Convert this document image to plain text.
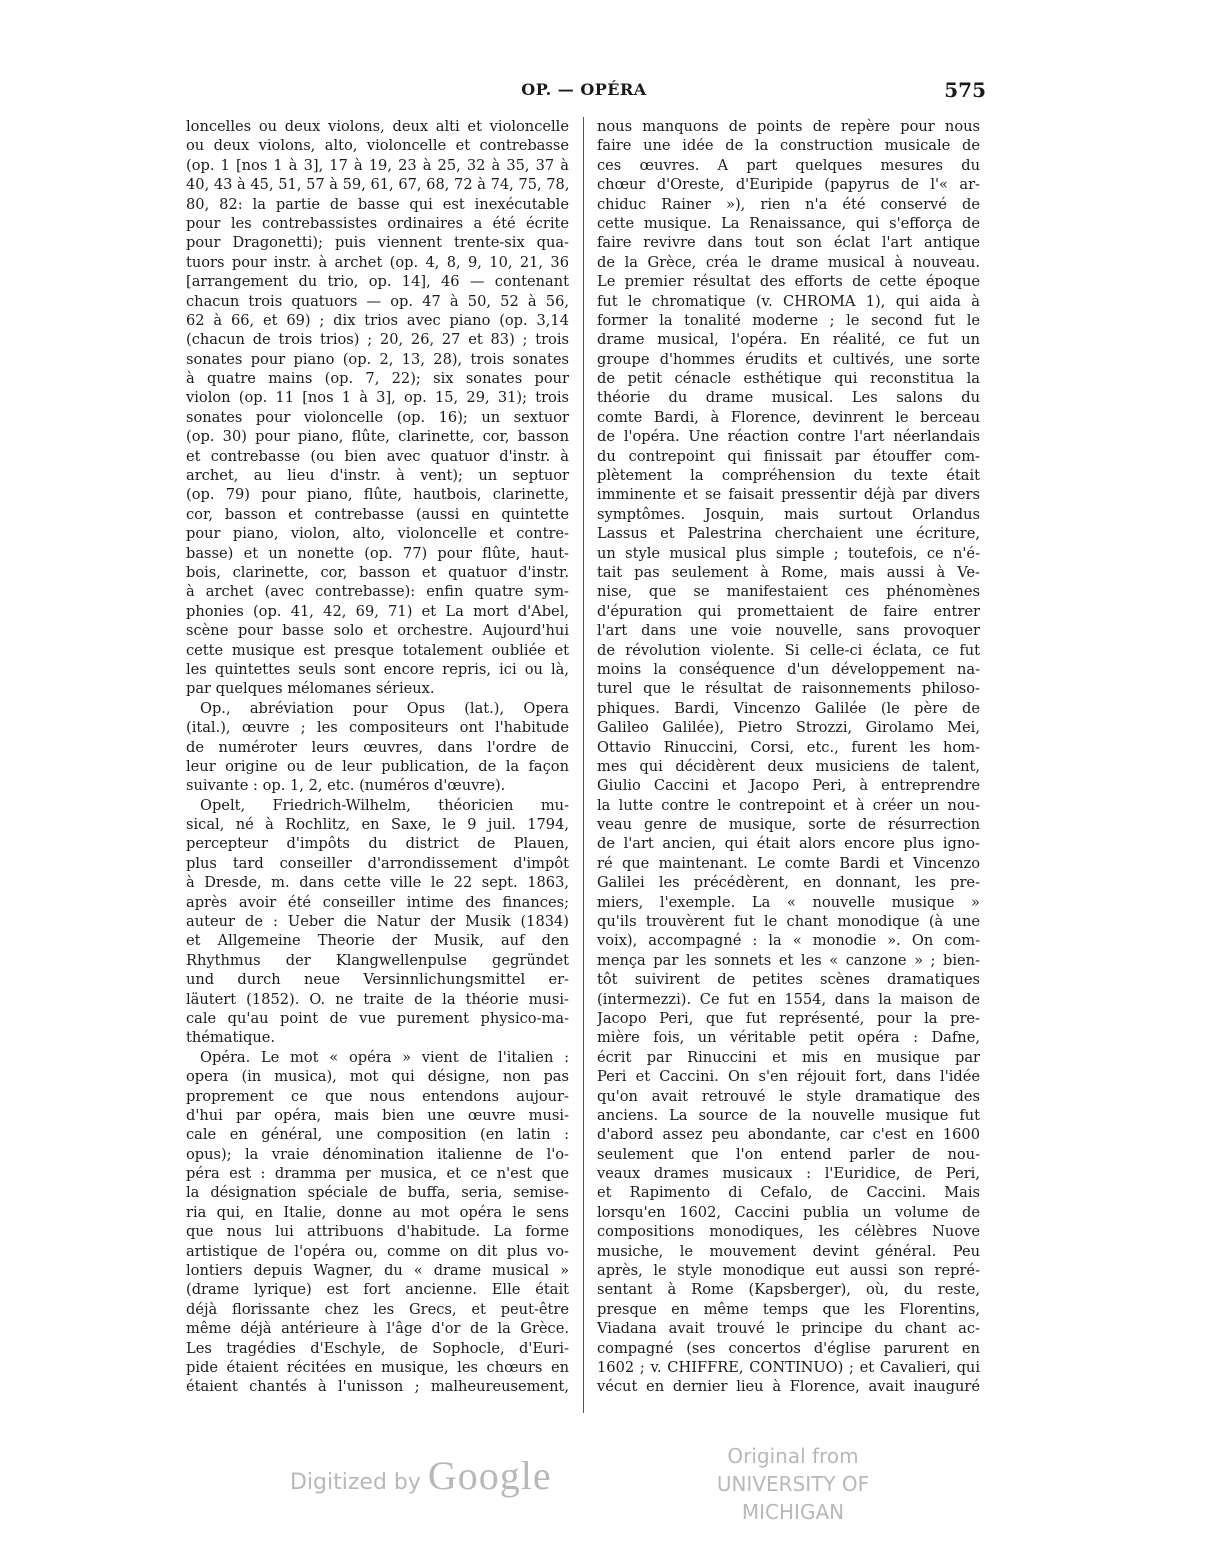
OP. — OPÉRA	575
loncelles ou deux violons, deux alti et violoncelle
ou deux violons, alto, violoncelle et contrebasse
(op. 1 [nos 1 à 3], 17 à 19, 23 à 25, 32 à 35, 37 à
40, 43 à 45, 51, 57 à 59, 61, 67, 68, 72 à 74, 75, 78,
80, 82: la partie de basse qui est inexécutable
pour les contrebassistes ordinaires a été écrite
pour Dragonetti); puis viennent trente-six qua-
tuors pour instr. à archet (op. 4, 8, 9, 10, 21, 36
[arrangement du trio, op. 14], 46 — contenant
chacun trois quatuors — op. 47 à 50, 52 à 56,
62 à 66, et 69) ; dix trios avec piano (op. 3,14
(chacun de trois trios) ; 20, 26, 27 et 83) ; trois
sonates pour piano (op. 2, 13, 28), trois sonates
à quatre mains (op. 7, 22); six sonates pour
violon (op. 11 [nos 1 à 3], op. 15, 29, 31); trois
sonates pour violoncelle (op. 16); un sextuor
(op. 30) pour piano, flûte, clarinette, cor, basson
et contrebasse (ou bien avec quatuor d'instr. à
archet, au lieu d'instr. à vent); un septuor
(op. 79) pour piano, flûte, hautbois, clarinette,
cor, basson et contrebasse (aussi en quintette
pour piano, violon, alto, violoncelle et contre-
basse) et un nonette (op. 77) pour flûte, haut-
bois, clarinette, cor, basson et quatuor d'instr.
à archet (avec contrebasse): enfin quatre sym-
phonies (op. 41, 42, 69, 71) et La mort d'Abel,
scène pour basse solo et orchestre. Aujourd'hui
cette musique est presque totalement oubliée et
les quintettes seuls sont encore repris, ici ou là,
par quelques mélomanes sérieux.
Op., abréviation pour Opus (lat.), Opera
(ital.), œuvre ; les compositeurs ont l'habitude
de numéroter leurs œuvres, dans l'ordre de
leur origine ou de leur publication, de la façon
suivante : op. 1, 2, etc. (numéros d'œuvre).
Opelt, Friedrich-Wilhelm, théoricien mu-
sical, né à Rochlitz, en Saxe, le 9 juil. 1794,
percepteur d'impôts du district de Plauen,
plus tard conseiller d'arrondissement d'impôt
à Dresde, m. dans cette ville le 22 sept. 1863,
après avoir été conseiller intime des finances;
auteur de : Ueber die Natur der Musik (1834)
et Allgemeine Theorie der Musik, auf den
Rhythmus der Klangwellenpulse gegründet
und durch neue Versinnlichungsmittel er-
läutert (1852). O. ne traite de la théorie musi-
cale qu'au point de vue purement physico-ma-
thématique.
Opéra. Le mot « opéra » vient de l'italien :
opera (in musica), mot qui désigne, non pas
proprement ce que nous entendons aujour-
d'hui par opéra, mais bien une œuvre musi-
cale en général, une composition (en latin :
opus); la vraie dénomination italienne de l'o-
péra est : dramma per musica, et ce n'est que
la désignation spéciale de buffa, seria, semise-
ria qui, en Italie, donne au mot opéra le sens
que nous lui attribuons d'habitude. La forme
artistique de l'opéra ou, comme on dit plus vo-
lontiers depuis Wagner, du « drame musical »
(drame lyrique) est fort ancienne. Elle était
déjà florissante chez les Grecs, et peut-être
même déjà antérieure à l'âge d'or de la Grèce.
Les tragédies d'Eschyle, de Sophocle, d'Euri-
pide étaient récitées en musique, les chœurs en
étaient chantés à l'unisson ; malheureusement,
nous manquons de points de repère pour nous
faire une idée de la construction musicale de
ces œuvres. A part quelques mesures du
chœur d'Oreste, d'Euripide (papyrus de l'« ar-
chiduc Rainer »), rien n'a été conservé de
cette musique. La Renaissance, qui s'efforça de
faire revivre dans tout son éclat l'art antique
de la Grèce, créa le drame musical à nouveau.
Le premier résultat des efforts de cette époque
fut le chromatique (v. CHROMA 1), qui aida à
former la tonalité moderne ; le second fut le
drame musical, l'opéra. En réalité, ce fut un
groupe d'hommes érudits et cultivés, une sorte
de petit cénacle esthétique qui reconstitua la
théorie du drame musical. Les salons du
comte Bardi, à Florence, devinrent le berceau
de l'opéra. Une réaction contre l'art néerlandais
du contrepoint qui finissait par étouffer com-
plètement la compréhension du texte était
imminente et se faisait pressentir déjà par divers
symptômes. Josquin, mais surtout Orlandus
Lassus et Palestrina cherchaient une écriture,
un style musical plus simple ; toutefois, ce n'é-
tait pas seulement à Rome, mais aussi à Ve-
nise, que se manifestaient ces phénomènes
d'épuration qui promettaient de faire entrer
l'art dans une voie nouvelle, sans provoquer
de révolution violente. Si celle-ci éclata, ce fut
moins la conséquence d'un développement na-
turel que le résultat de raisonnements philoso-
phiques. Bardi, Vincenzo Galilée (le père de
Galileo Galilée), Pietro Strozzi, Girolamo Mei,
Ottavio Rinuccini, Corsi, etc., furent les hom-
mes qui décidèrent deux musiciens de talent,
Giulio Caccini et Jacopo Peri, à entreprendre
la lutte contre le contrepoint et à créer un nou-
veau genre de musique, sorte de résurrection
de l'art ancien, qui était alors encore plus igno-
ré que maintenant. Le comte Bardi et Vincenzo
Galilei les précédèrent, en donnant, les pre-
miers, l'exemple. La « nouvelle musique »
qu'ils trouvèrent fut le chant monodique (à une
voix), accompagné : la « monodie ». On com-
mença par les sonnets et les « canzone » ; bien-
tôt suivirent de petites scènes dramatiques
(intermezzi). Ce fut en 1554, dans la maison de
Jacopo Peri, que fut représenté, pour la pre-
mière fois, un véritable petit opéra : Dafne,
écrit par Rinuccini et mis en musique par
Peri et Caccini. On s'en réjouit fort, dans l'idée
qu'on avait retrouvé le style dramatique des
anciens. La source de la nouvelle musique fut
d'abord assez peu abondante, car c'est en 1600
seulement que l'on entend parler de nou-
veaux drames musicaux : l'Euridice, de Peri,
et Rapimento di Cefalo, de Caccini. Mais
lorsqu'en 1602, Caccini publia un volume de
compositions monodiques, les célèbres Nuove
musiche, le mouvement devint général. Peu
après, le style monodique eut aussi son repré-
sentant à Rome (Kapsberger), où, du reste,
presque en même temps que les Florentins,
Viadana avait trouvé le principe du chant ac-
compagné (ses concertos d'église parurent en
1602 ; v. CHIFFRE, CONTINUO) ; et Cavalieri, qui
vécut en dernier lieu à Florence, avait inauguré
Digitized by Google	Original from
UNIVERSITY OF MICHIGAN
